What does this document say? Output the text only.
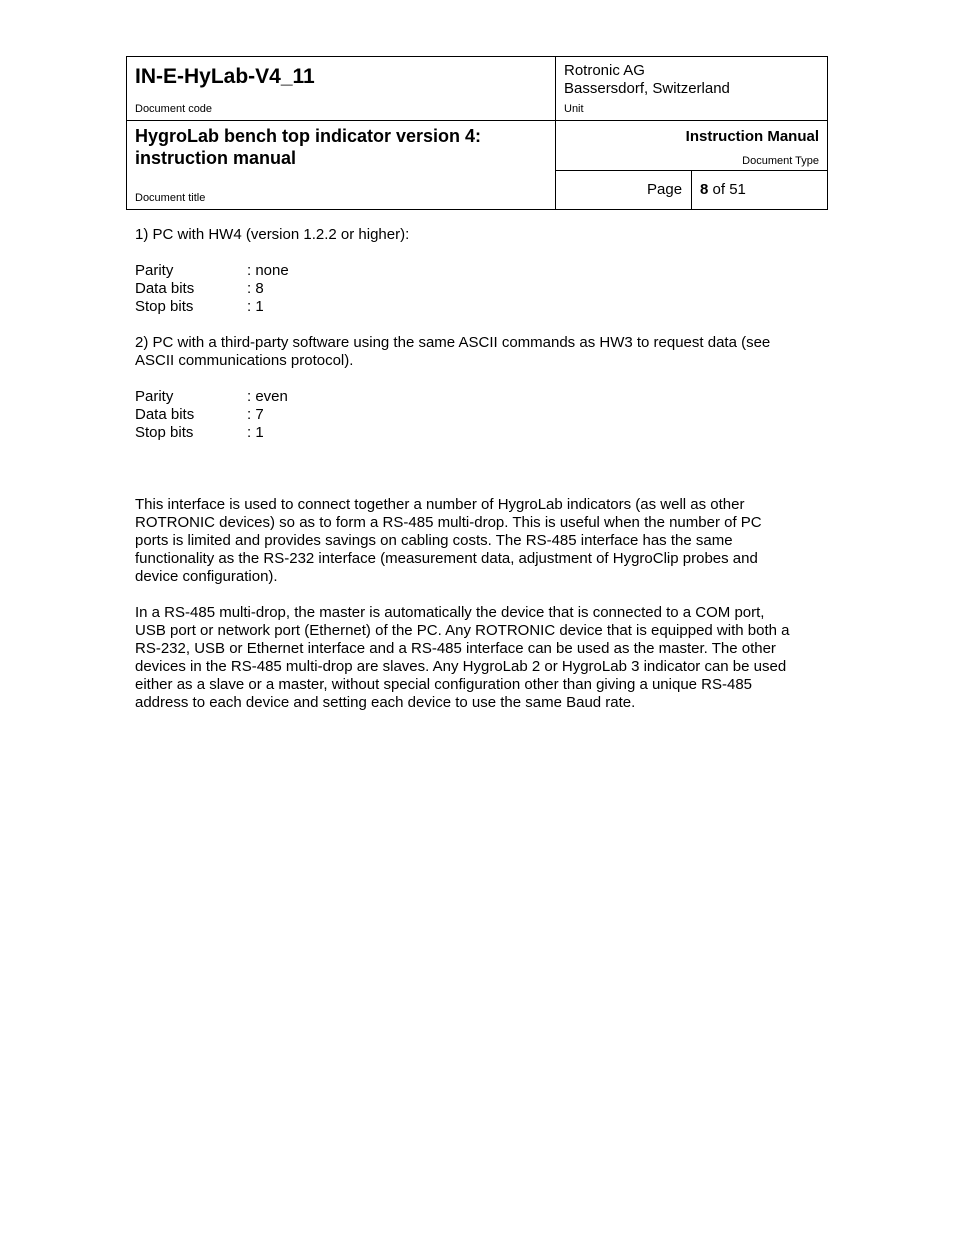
IN-E-HyLab-V4_11
Document code
Rotronic AG
Bassersdorf, Switzerland
Unit
HygroLab bench top indicator version 4:
instruction manual
Document title
Instruction Manual
Document Type
Page 8 of 51

1) PC with HW4 (version 1.2.2 or higher):

Parity	: none
Data bits	: 8
Stop bits	: 1

2) PC with a third-party software using the same ASCII commands as HW3 to request data (see

ASCII communications protocol).

Parity	: even
Data bits	: 7
Stop bits	: 1

This interface is used to connect together a number of HygroLab indicators (as well as other

ROTRONIC devices) so as to form a RS-485 multi-drop. This is useful when the number of PC

ports is limited and provides savings on cabling costs. The RS-485 interface has the same

functionality as the RS-232 interface (measurement data, adjustment of HygroClip probes and

device configuration).

In a RS-485 multi-drop, the master is automatically the device that is connected to a COM port,

USB port or network port (Ethernet) of the PC. Any ROTRONIC device that is equipped with both a

RS-232, USB or Ethernet interface and a RS-485 interface can be used as the master. The other

devices in the RS-485 multi-drop are slaves. Any HygroLab 2 or HygroLab 3 indicator can be used

either as a slave or a master, without special configuration other than giving a unique RS-485

address to each device and setting each device to use the same Baud rate.
